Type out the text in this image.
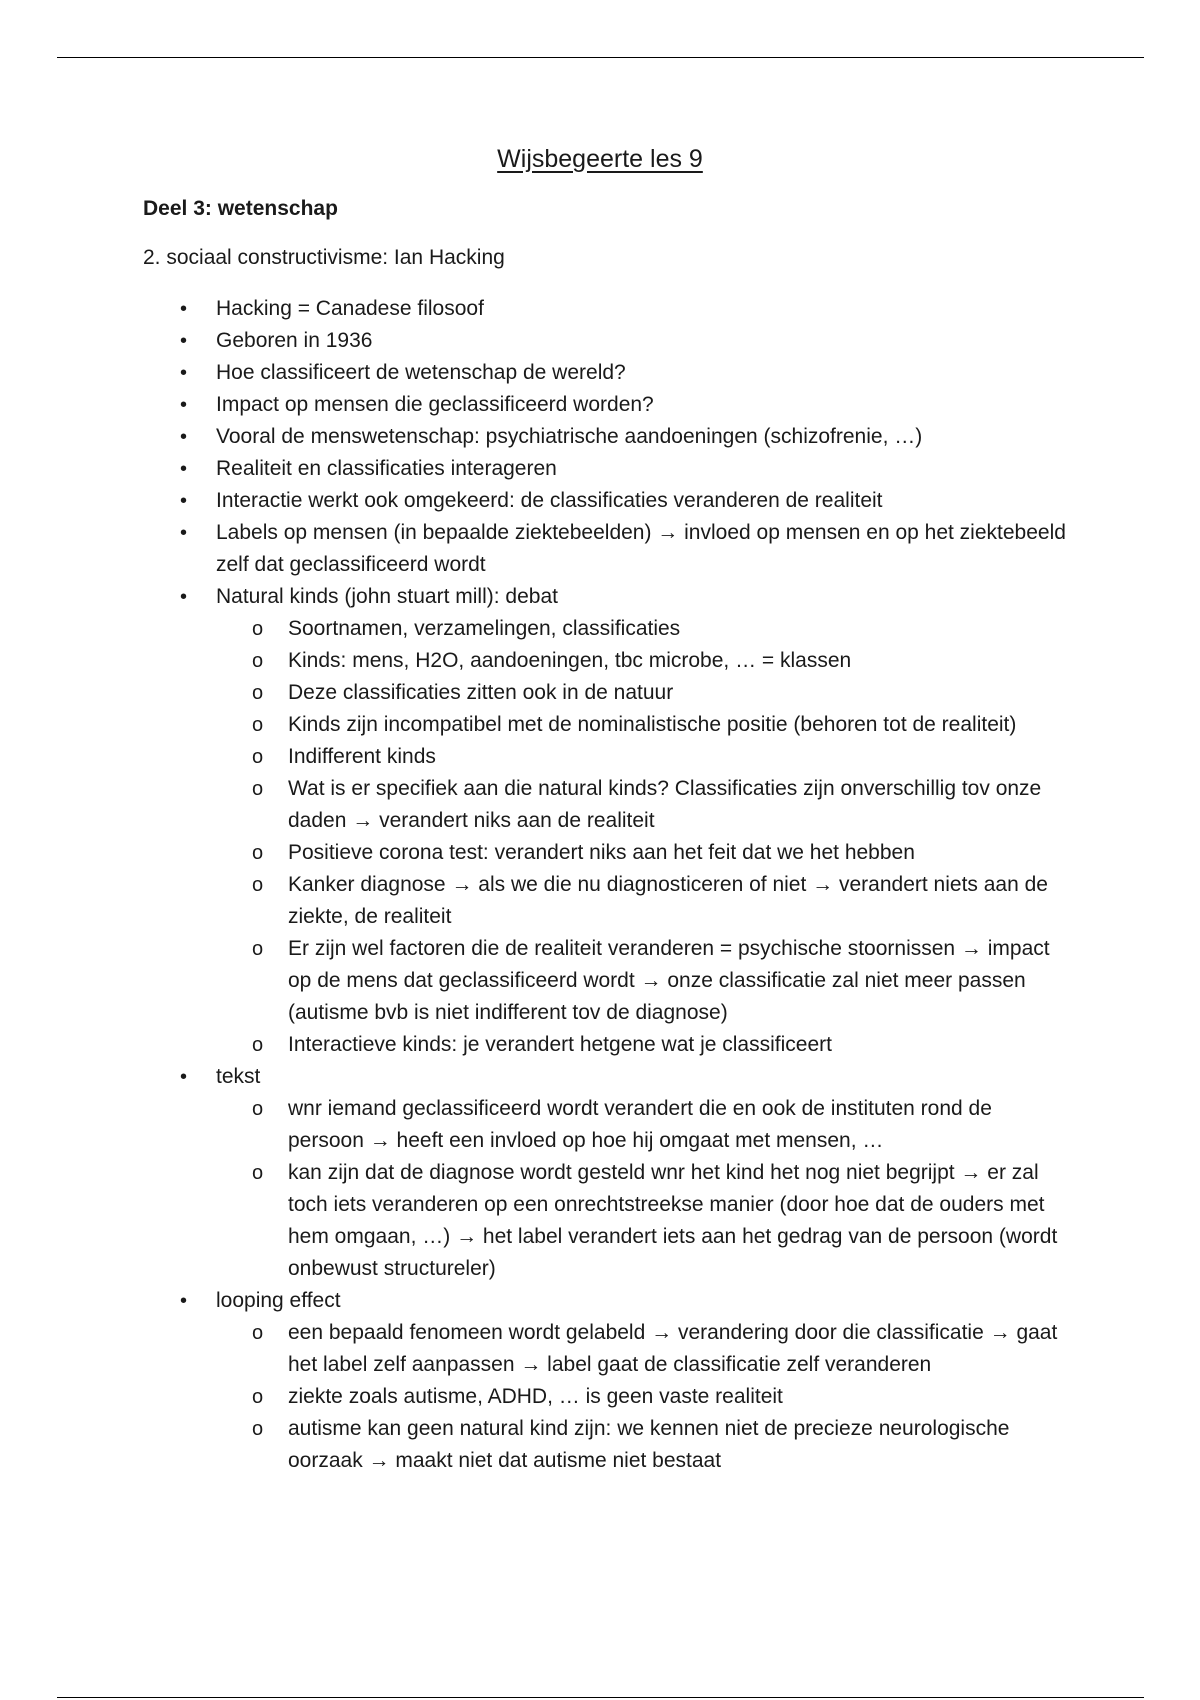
Wijsbegeerte les 9
Deel 3: wetenschap
2. sociaal constructivisme: Ian Hacking
• Hacking = Canadese filosoof
• Geboren in 1936
• Hoe classificeert de wetenschap de wereld?
• Impact op mensen die geclassificeerd worden?
• Vooral de menswetenschap: psychiatrische aandoeningen (schizofrenie, …)
• Realiteit en classificaties interageren
• Interactie werkt ook omgekeerd: de classificaties veranderen de realiteit
• Labels op mensen (in bepaalde ziektebeelden) → invloed op mensen en op het ziektebeeld zelf dat geclassificeerd wordt
• Natural kinds (john stuart mill): debat
o Soortnamen, verzamelingen, classificaties
o Kinds: mens, H2O, aandoeningen, tbc microbe, … = klassen
o Deze classificaties zitten ook in de natuur
o Kinds zijn incompatibel met de nominalistische positie (behoren tot de realiteit)
o Indifferent kinds
o Wat is er specifiek aan die natural kinds? Classificaties zijn onverschillig tov onze daden → verandert niks aan de realiteit
o Positieve corona test: verandert niks aan het feit dat we het hebben
o Kanker diagnose → als we die nu diagnosticeren of niet → verandert niets aan de ziekte, de realiteit
o Er zijn wel factoren die de realiteit veranderen = psychische stoornissen → impact op de mens dat geclassificeerd wordt → onze classificatie zal niet meer passen (autisme bvb is niet indifferent tov de diagnose)
o Interactieve kinds: je verandert hetgene wat je classificeert
• tekst
o wnr iemand geclassificeerd wordt verandert die en ook de instituten rond de persoon → heeft een invloed op hoe hij omgaat met mensen, …
o kan zijn dat de diagnose wordt gesteld wnr het kind het nog niet begrijpt → er zal toch iets veranderen op een onrechtstreekse manier (door hoe dat de ouders met hem omgaan, …) → het label verandert iets aan het gedrag van de persoon (wordt onbewust structureler)
• looping effect
o een bepaald fenomeen wordt gelabeld → verandering door die classificatie → gaat het label zelf aanpassen → label gaat de classificatie zelf veranderen
o ziekte zoals autisme, ADHD, … is geen vaste realiteit
o autisme kan geen natural kind zijn: we kennen niet de precieze neurologische oorzaak → maakt niet dat autisme niet bestaat
